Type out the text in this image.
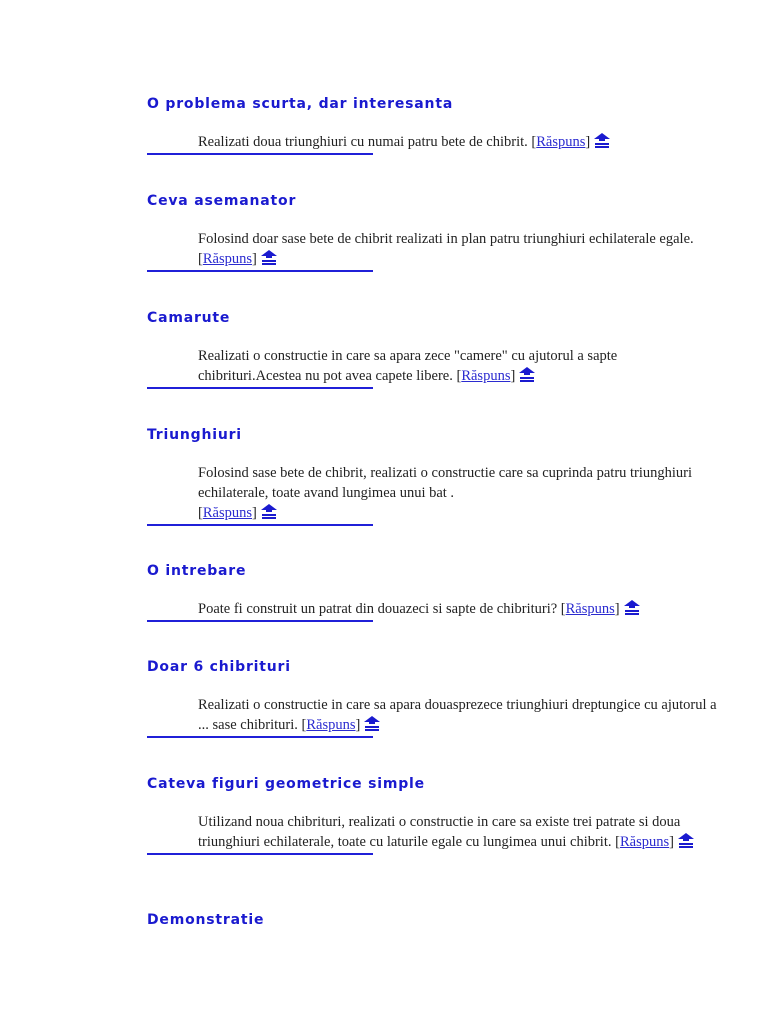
O problema scurta, dar interesanta

Realizati doua triunghiuri cu numai patru bete de chibrit. [Răspuns]

Ceva asemanator

Folosind doar sase bete de chibrit realizati in plan patru triunghiuri echilaterale egale. [Răspuns]

Camarute

Realizati o constructie in care sa apara zece "camere" cu ajutorul a sapte chibrituri.Acestea nu pot avea capete libere. [Răspuns]

Triunghiuri

Folosind sase bete de chibrit, realizati o constructie care sa cuprinda patru triunghiuri echilaterale, toate avand lungimea unui bat .
[Răspuns]

O intrebare

Poate fi construit un patrat din douazeci si sapte de chibrituri? [Răspuns]

Doar 6 chibrituri

Realizati o constructie in care sa apara douasprezece triunghiuri dreptungice cu ajutorul a ... sase chibrituri. [Răspuns]

Cateva figuri geometrice simple

Utilizand noua chibrituri, realizati o constructie in care sa existe trei patrate si doua triunghiuri echilaterale, toate cu laturile egale cu lungimea unui chibrit. [Răspuns]

Demonstratie
